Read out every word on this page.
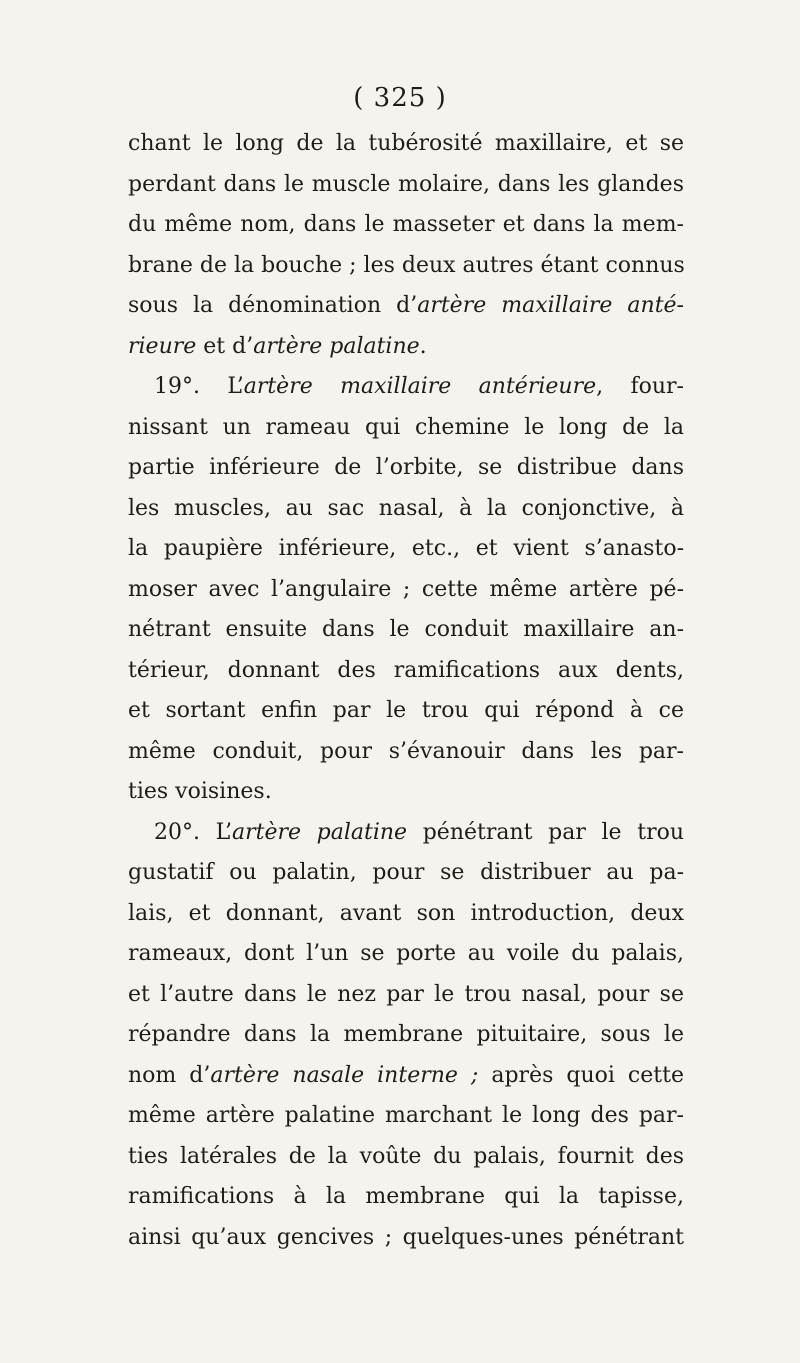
( 325 )
chant le long de la tubérosité maxillaire, et se
perdant dans le muscle molaire, dans les glandes
du même nom, dans le masseter et dans la mem-
brane de la bouche ; les deux autres étant connus
sous la dénomination d’artère maxillaire anté-
rieure et d’artère palatine.
19°. L’artère maxillaire antérieure, four-
nissant un rameau qui chemine le long de la
partie inférieure de l’orbite, se distribue dans
les muscles, au sac nasal, à la conjonctive, à
la paupière inférieure, etc., et vient s’anasto-
moser avec l’angulaire ; cette même artère pé-
nétrant ensuite dans le conduit maxillaire an-
térieur, donnant des ramifications aux dents,
et sortant enfin par le trou qui répond à ce
même conduit, pour s’évanouir dans les par-
ties voisines.
20°. L’artère palatine pénétrant par le trou
gustatif ou palatin, pour se distribuer au pa-
lais, et donnant, avant son introduction, deux
rameaux, dont l’un se porte au voile du palais,
et l’autre dans le nez par le trou nasal, pour se
répandre dans la membrane pituitaire, sous le
nom d’artère nasale interne ; après quoi cette
même artère palatine marchant le long des par-
ties latérales de la voûte du palais, fournit des
ramifications à la membrane qui la tapisse,
ainsi qu’aux gencives ; quelques-unes pénétrant
